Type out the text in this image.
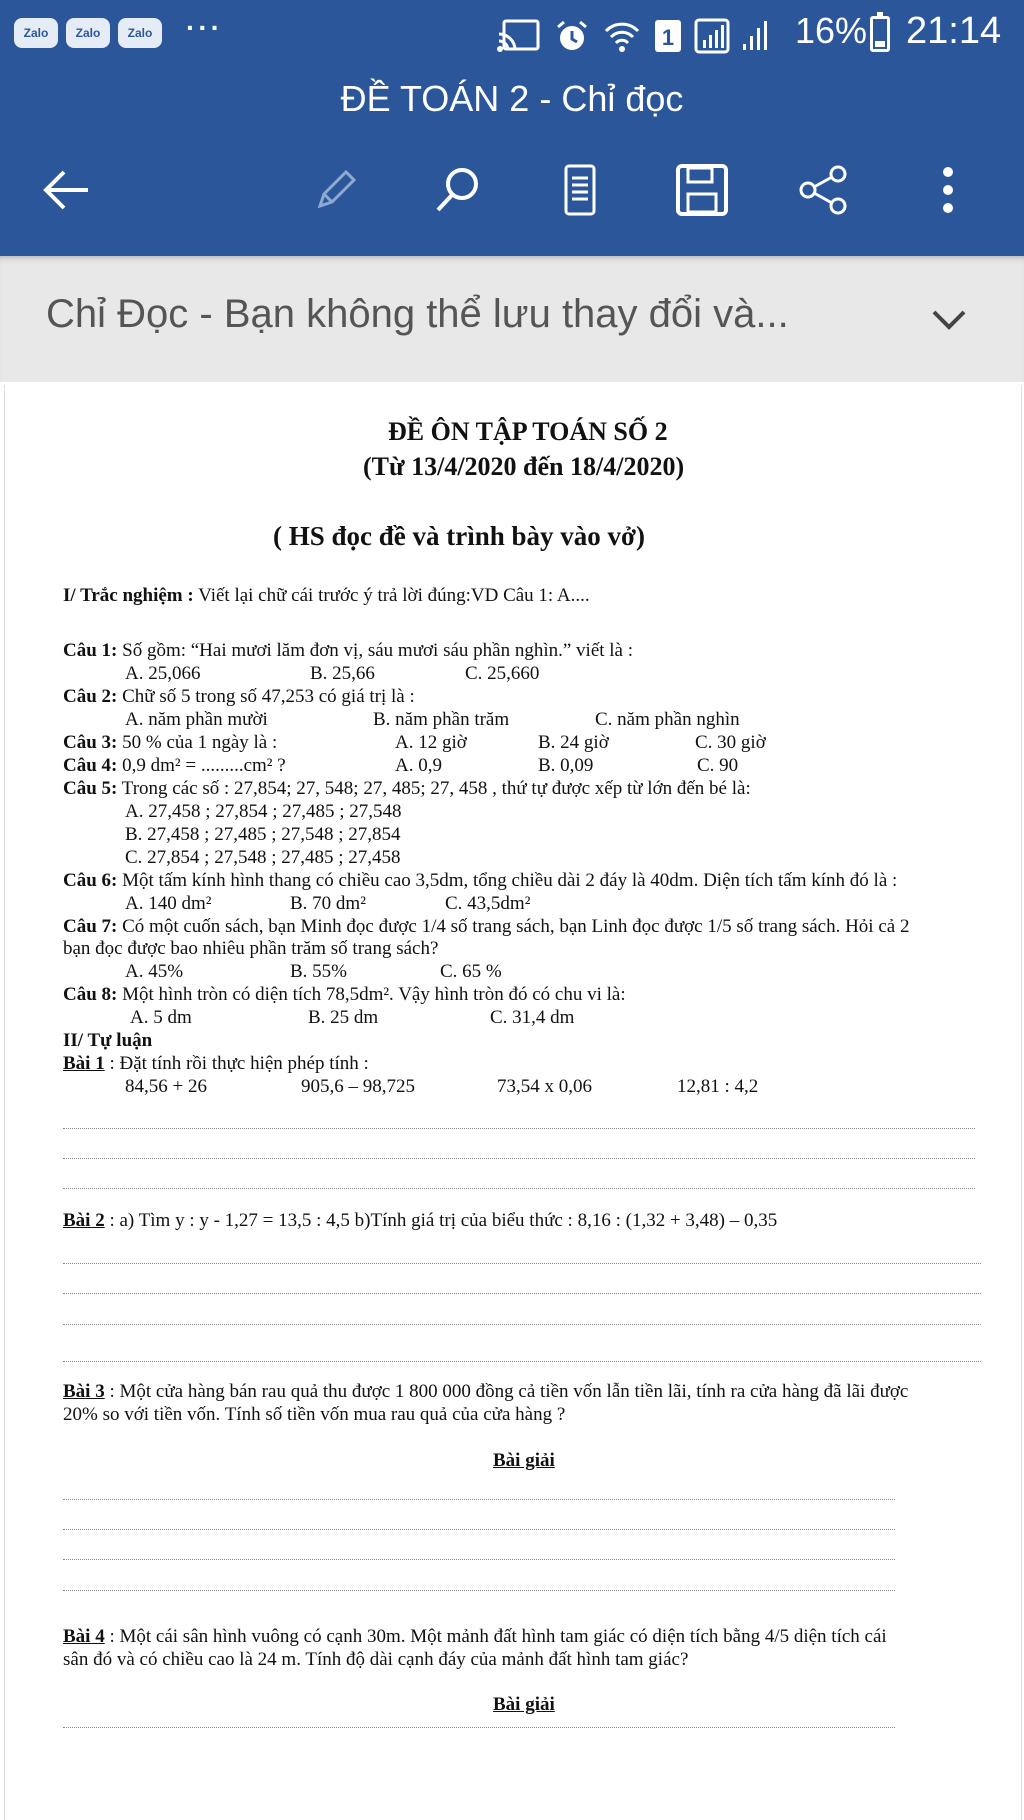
Zalo	Zalo	Zalo	···	1	16% 21:14
ĐỀ TOÁN 2 - Chỉ đọc
Chỉ Đọc - Bạn không thể lưu thay đổi và...
ĐỀ ÔN TẬP TOÁN SỐ 2
(Từ 13/4/2020 đến 18/4/2020)
( HS đọc đề và trình bày vào vở)
I/ Trắc nghiệm : Viết lại chữ cái trước ý trả lời đúng:VD Câu 1: A....
Câu 1: Số gồm: “Hai mươi lăm đơn vị, sáu mươi sáu phần nghìn.” viết là :
A. 25,066	B. 25,66	C. 25,660
Câu 2: Chữ số 5 trong số 47,253 có giá trị là :
A. năm phần mười	B. năm phần trăm	C. năm phần nghìn
Câu 3: 50 % của 1 ngày là :	A. 12 giờ	B. 24 giờ	C. 30 giờ
Câu 4: 0,9 dm² = .........cm² ?	A. 0,9	B. 0,09	C. 90
Câu 5: Trong các số : 27,854; 27, 548; 27, 485; 27, 458 , thứ tự được xếp từ lớn đến bé là:
A. 27,458 ; 27,854 ; 27,485 ; 27,548
B. 27,458 ; 27,485 ; 27,548 ; 27,854
C. 27,854 ; 27,548 ; 27,485 ; 27,458
Câu 6: Một tấm kính hình thang có chiều cao 3,5dm, tổng chiều dài 2 đáy là 40dm. Diện tích tấm kính đó là :
A. 140 dm²	B. 70 dm²	C. 43,5dm²
Câu 7: Có một cuốn sách, bạn Minh đọc được 1/4 số trang sách, bạn Linh đọc được 1/5 số trang sách. Hỏi cả 2
bạn đọc được bao nhiêu phần trăm số trang sách?
A. 45%	B. 55%	C. 65 %
Câu 8: Một hình tròn có diện tích 78,5dm². Vậy hình tròn đó có chu vi là:
A. 5 dm	B. 25 dm	C. 31,4 dm
II/ Tự luận
Bài 1 : Đặt tính rồi thực hiện phép tính :
84,56 + 26	905,6 – 98,725	73,54 x 0,06	12,81 : 4,2
Bài 2 : a) Tìm y : y - 1,27 = 13,5 : 4,5 b)Tính giá trị của biểu thức : 8,16 : (1,32 + 3,48) – 0,35
Bài 3 : Một cửa hàng bán rau quả thu được 1 800 000 đồng cả tiền vốn lẫn tiền lãi, tính ra cửa hàng đã lãi được
20% so với tiền vốn. Tính số tiền vốn mua rau quả của cửa hàng ?
Bài giải
Bài 4 : Một cái sân hình vuông có cạnh 30m. Một mảnh đất hình tam giác có diện tích bằng 4/5 diện tích cái
sân đó và có chiều cao là 24 m. Tính độ dài cạnh đáy của mảnh đất hình tam giác?
Bài giải
